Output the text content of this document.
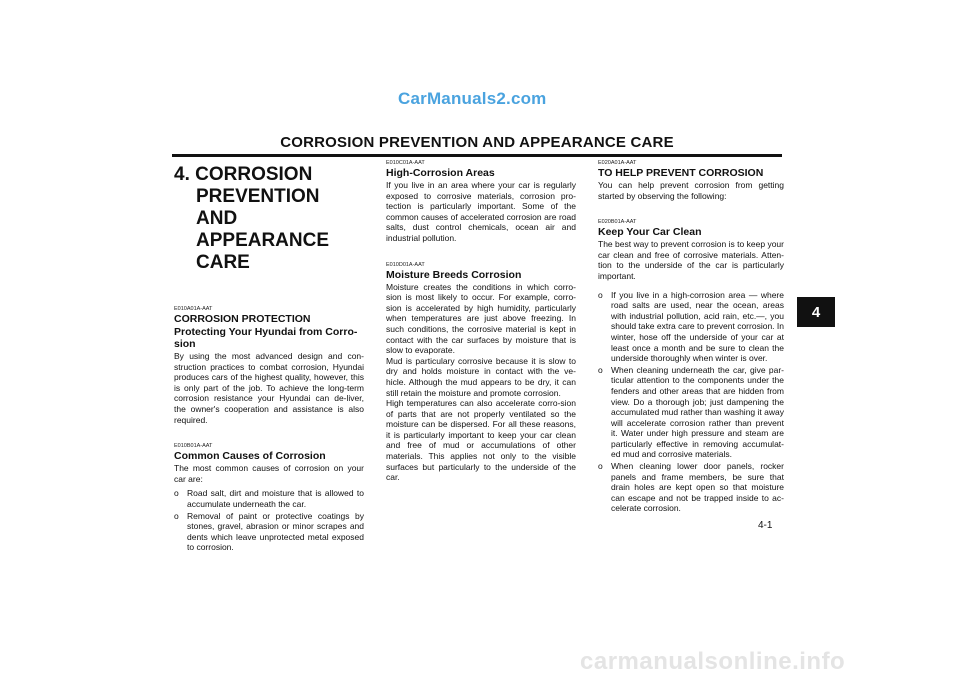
CarManuals2.com
CORROSION PREVENTION AND APPEARANCE CARE
4
4. CORROSION
PREVENTION AND
APPEARANCE CARE
E010A01A-AAT
CORROSION PROTECTION
Protecting Your Hyundai from Corro-sion

By using the most advanced design and con-struction practices to combat corrosion, Hyundai produces cars of the highest quality, however, this is only part of the job. To achieve the long-term corrosion resistance your Hyundai can de-liver, the owner's cooperation and assistance is also required.

E010B01A-AAT
Common Causes of Corrosion

The most common causes of corrosion on your car are:

o Road salt, dirt and moisture that is allowed to accumulate underneath the car.
o Removal of paint or protective coatings by stones, gravel, abrasion or minor scrapes and dents which leave unprotected metal exposed to corrosion.
E010C01A-AAT
High-Corrosion Areas

If you live in an area where your car is regularly exposed to corrosive materials, corrosion pro-tection is particularly important. Some of the common causes of accelerated corrosion are road salts, dust control chemicals, ocean air and industrial pollution.

E010D01A-AAT
Moisture Breeds Corrosion

Moisture creates the conditions in which corro-sion is most likely to occur. For example, corro-sion is accelerated by high humidity, particularly when temperatures are just above freezing. In such conditions, the corrosive material is kept in contact with the car surfaces by moisture that is slow to evaporate.

Mud is particulary corrosive because it is slow to dry and holds moisture in contact with the ve-hicle. Although the mud appears to be dry, it can still retain the moisture and promote corrosion.

High temperatures can also accelerate corro-sion of parts that are not properly ventilated so the moisture can be dispersed. For all these reasons, it is particularly important to keep your car clean and free of mud or accumulations of other materials. This applies not only to the visible surfaces but particularly to the underside of the car.

E020A01A-AAT
TO HELP PREVENT CORROSION

You can help prevent corrosion from getting started by observing the following:

E020B01A-AAT
Keep Your Car Clean

The best way to prevent corrosion is to keep your car clean and free of corrosive materials. Atten-tion to the underside of the car is particularly important.

o If you live in a high-corrosion area — where road salts are used, near the ocean, areas with industrial pollution, acid rain, etc.—, you should take extra care to prevent corrosion. In winter, hose off the underside of your car at least once a month and be sure to clean the underside thoroughly when winter is over.
o When cleaning underneath the car, give par-ticular attention to the components under the fenders and other areas that are hidden from view. Do a thorough job; just dampening the accumulated mud rather than washing it away will accelerate corrosion rather than prevent it. Water under high pressure and steam are particularly effective in removing accumulat-ed mud and corrosive materials.
o When cleaning lower door panels, rocker panels and frame members, be sure that drain holes are kept open so that moisture can escape and not be trapped inside to ac-celerate corrosion.
4-1
carmanualsonline.info
